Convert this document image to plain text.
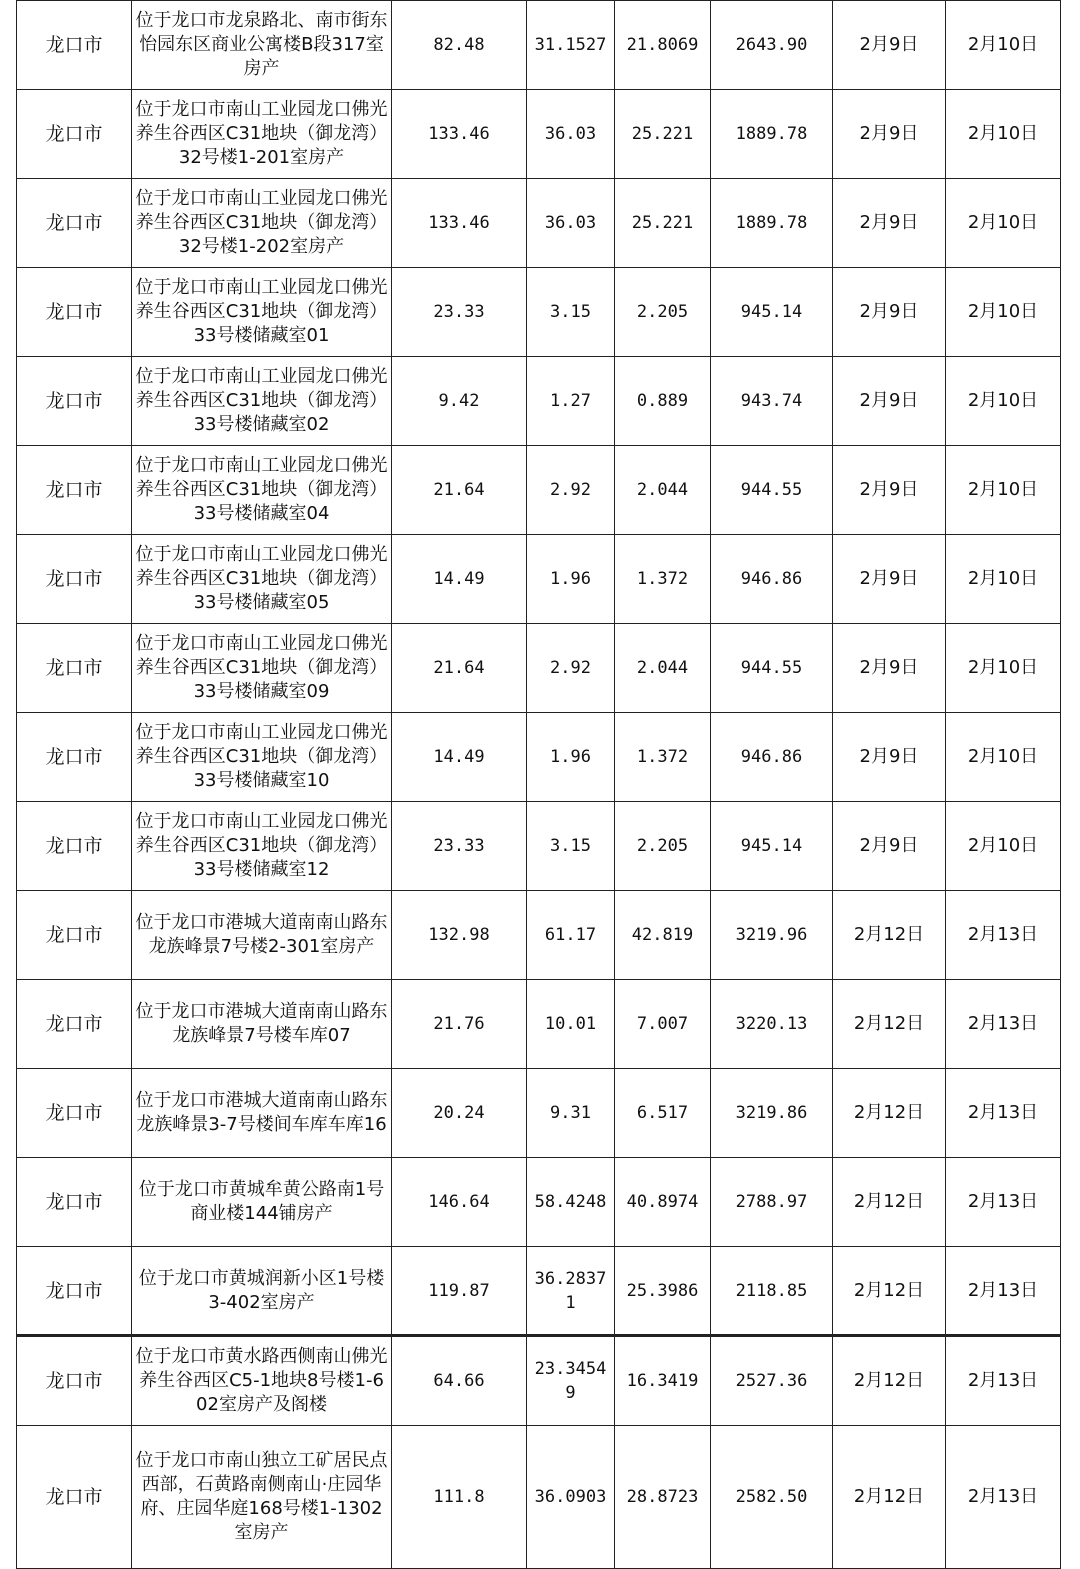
龙口市	位于龙口市龙泉路北、南市街东怡园东区商业公寓楼B段317室房产	82.48	31.1527	21.8069	2643.90	2月9日	2月10日
龙口市	位于龙口市南山工业园龙口佛光养生谷西区C31地块（御龙湾）32号楼1-201室房产	133.46	36.03	25.221	1889.78	2月9日	2月10日
龙口市	位于龙口市南山工业园龙口佛光养生谷西区C31地块（御龙湾）32号楼1-202室房产	133.46	36.03	25.221	1889.78	2月9日	2月10日
龙口市	位于龙口市南山工业园龙口佛光养生谷西区C31地块（御龙湾）33号楼储藏室01	23.33	3.15	2.205	945.14	2月9日	2月10日
龙口市	位于龙口市南山工业园龙口佛光养生谷西区C31地块（御龙湾）33号楼储藏室02	9.42	1.27	0.889	943.74	2月9日	2月10日
龙口市	位于龙口市南山工业园龙口佛光养生谷西区C31地块（御龙湾）33号楼储藏室04	21.64	2.92	2.044	944.55	2月9日	2月10日
龙口市	位于龙口市南山工业园龙口佛光养生谷西区C31地块（御龙湾）33号楼储藏室05	14.49	1.96	1.372	946.86	2月9日	2月10日
龙口市	位于龙口市南山工业园龙口佛光养生谷西区C31地块（御龙湾）33号楼储藏室09	21.64	2.92	2.044	944.55	2月9日	2月10日
龙口市	位于龙口市南山工业园龙口佛光养生谷西区C31地块（御龙湾）33号楼储藏室10	14.49	1.96	1.372	946.86	2月9日	2月10日
龙口市	位于龙口市南山工业园龙口佛光养生谷西区C31地块（御龙湾）33号楼储藏室12	23.33	3.15	2.205	945.14	2月9日	2月10日
龙口市	位于龙口市港城大道南南山路东龙族峰景7号楼2-301室房产	132.98	61.17	42.819	3219.96	2月12日	2月13日
龙口市	位于龙口市港城大道南南山路东龙族峰景7号楼车库07	21.76	10.01	7.007	3220.13	2月12日	2月13日
龙口市	位于龙口市港城大道南南山路东龙族峰景3-7号楼间车库车库16	20.24	9.31	6.517	3219.86	2月12日	2月13日
龙口市	位于龙口市黄城牟黄公路南1号商业楼144铺房产	146.64	58.4248	40.8974	2788.97	2月12日	2月13日
龙口市	位于龙口市黄城润新小区1号楼3-402室房产	119.87	36.28371	25.3986	2118.85	2月12日	2月13日
龙口市	位于龙口市黄水路西侧南山佛光养生谷西区C5-1地块8号楼1-602室房产及阁楼	64.66	23.34549	16.3419	2527.36	2月12日	2月13日
龙口市	位于龙口市南山独立工矿居民点西部，石黄路南侧南山·庄园华府、庄园华庭168号楼1-1302室房产	111.8	36.0903	28.8723	2582.50	2月12日	2月13日
